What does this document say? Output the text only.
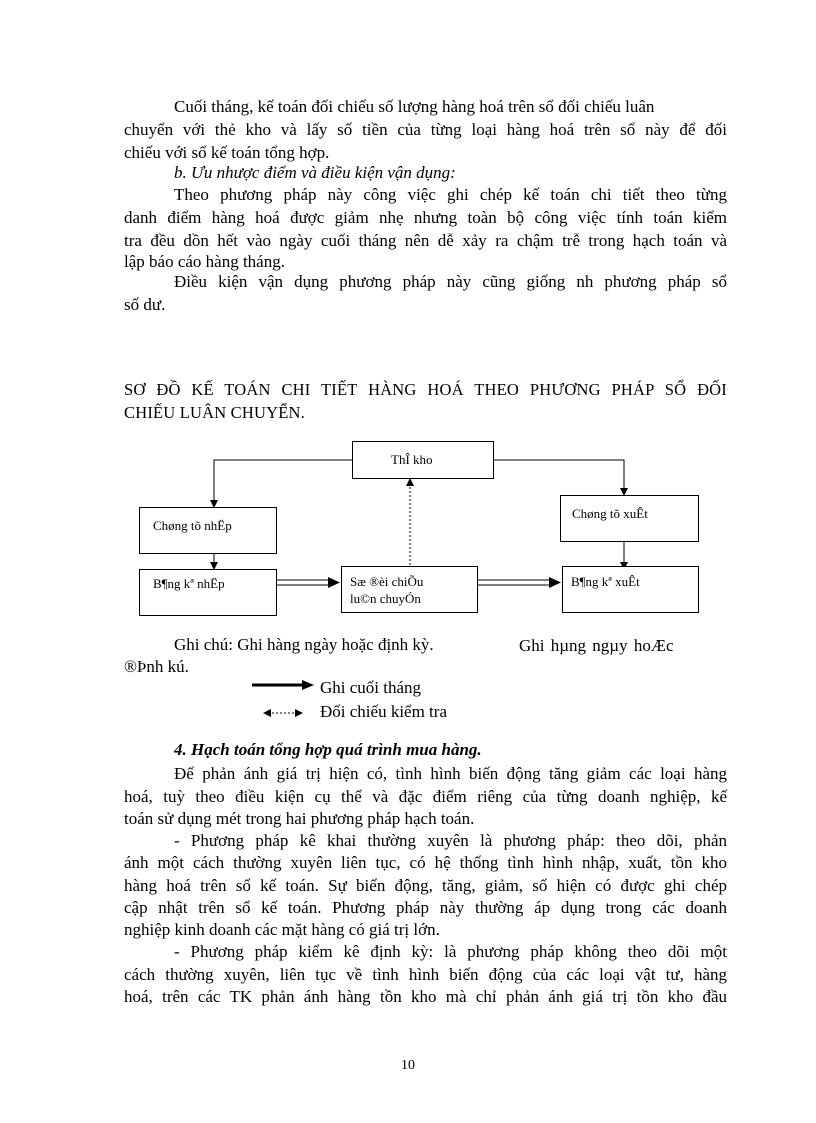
Cuối tháng, kế toán đối chiếu số lượng hàng hoá trên sổ đối chiếu luân
chuyển với thẻ kho và lấy số tiền của từng loại hàng hoá trên sổ này để đối
chiếu với sổ kế toán tổng hợp.
b. Ưu nhược điểm và điều kiện vận dụng:
Theo phương pháp này công việc ghi chép kế toán chi tiết theo từng
danh điểm hàng hoá được giảm nhẹ nhưng toàn bộ công việc tính toán kiểm
tra đều dồn hết vào ngày cuối tháng nên dễ xảy ra chậm trễ trong hạch toán và
lập báo cáo hàng tháng.
Điều kiện vận dụng phương pháp này cũng giống nh phương pháp sổ
số dư.
SƠ ĐỒ KẾ TOÁN CHI TIẾT HÀNG HOÁ THEO PHƯƠNG PHÁP SỔ ĐỐI
CHIẾU LUÂN CHUYỂN.
ThÎ kho
Chøng tõ nhËp
Chøng tõ xuÊt
B¶ng kª nhËp	Sæ ®èi chiÕu
lu©n chuyÓn
B¶ng kª xuÊt
Ghi chú: Ghi hàng ngày hoặc định kỳ.	Ghi hµng ngµy hoÆc
®Þnh kú.
Ghi cuối tháng
Đối chiếu kiểm tra
4. Hạch toán tổng hợp quá trình mua hàng.
Để phản ánh giá trị hiện có, tình hình biến động tăng giảm các loại hàng
hoá, tuỳ theo điều kiện cụ thể và đặc điểm riêng của từng doanh nghiệp, kế
toán sử dụng mét trong hai phương pháp hạch toán.
- Phương pháp kê khai thường xuyên là phương pháp: theo dõi, phản
ánh một cách thường xuyên liên tục, có hệ thống tình hình nhập, xuất, tồn kho
hàng hoá trên sổ kế toán. Sự biến động, tăng, giảm, số hiện có được ghi chép
cập nhật trên sổ kế toán. Phương pháp này thường áp dụng trong các doanh
nghiệp kinh doanh các mặt hàng có giá trị lớn.
- Phương pháp kiểm kê định kỳ: là phương pháp không theo dõi một
cách thường xuyên, liên tục về tình hình biến động của các loại vật tư, hàng
hoá, trên các TK phản ánh hàng tồn kho mà chỉ phản ánh giá trị tồn kho đầu
10
